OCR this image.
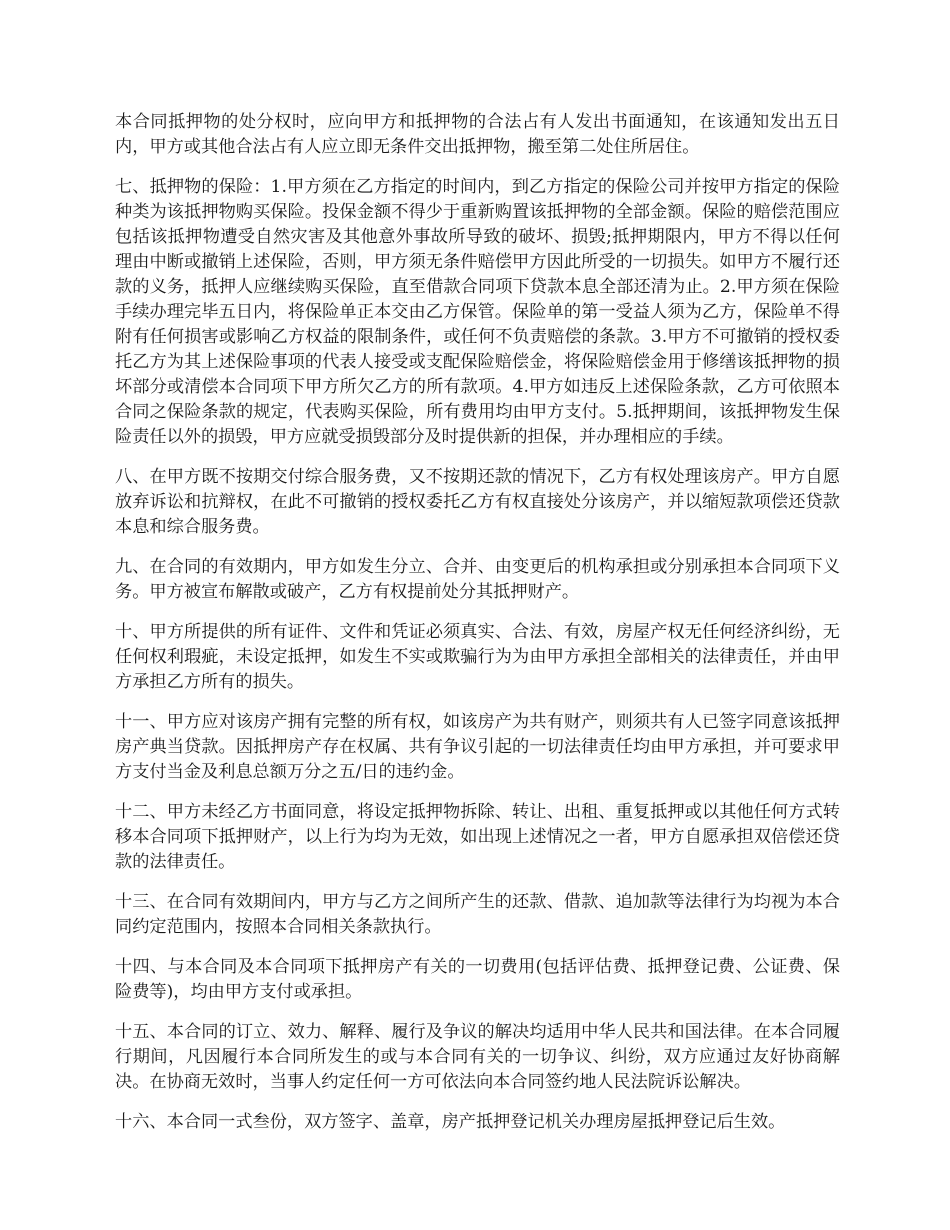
本合同抵押物的处分权时，应向甲方和抵押物的合法占有人发出书面通知，在该通知发出五日内，甲方或其他合法占有人应立即无条件交出抵押物，搬至第二处住所居住。

七、抵押物的保险：1.甲方须在乙方指定的时间内，到乙方指定的保险公司并按甲方指定的保险种类为该抵押物购买保险。投保金额不得少于重新购置该抵押物的全部金额。保险的赔偿范围应包括该抵押物遭受自然灾害及其他意外事故所导致的破坏、损毁;抵押期限内，甲方不得以任何理由中断或撤销上述保险，否则，甲方须无条件赔偿甲方因此所受的一切损失。如甲方不履行还款的义务，抵押人应继续购买保险，直至借款合同项下贷款本息全部还清为止。2.甲方须在保险手续办理完毕五日内，将保险单正本交由乙方保管。保险单的第一受益人须为乙方，保险单不得附有任何损害或影响乙方权益的限制条件，或任何不负责赔偿的条款。3.甲方不可撤销的授权委托乙方为其上述保险事项的代表人接受或支配保险赔偿金，将保险赔偿金用于修缮该抵押物的损坏部分或清偿本合同项下甲方所欠乙方的所有款项。4.甲方如违反上述保险条款，乙方可依照本合同之保险条款的规定，代表购买保险，所有费用均由甲方支付。5.抵押期间，该抵押物发生保险责任以外的损毁，甲方应就受损毁部分及时提供新的担保，并办理相应的手续。

八、在甲方既不按期交付综合服务费，又不按期还款的情况下，乙方有权处理该房产。甲方自愿放弃诉讼和抗辩权，在此不可撤销的授权委托乙方有权直接处分该房产，并以缩短款项偿还贷款本息和综合服务费。

九、在合同的有效期内，甲方如发生分立、合并、由变更后的机构承担或分别承担本合同项下义务。甲方被宣布解散或破产，乙方有权提前处分其抵押财产。

十、甲方所提供的所有证件、文件和凭证必须真实、合法、有效，房屋产权无任何经济纠纷，无任何权利瑕疵，未设定抵押，如发生不实或欺骗行为为由甲方承担全部相关的法律责任，并由甲方承担乙方所有的损失。

十一、甲方应对该房产拥有完整的所有权，如该房产为共有财产，则须共有人已签字同意该抵押房产典当贷款。因抵押房产存在权属、共有争议引起的一切法律责任均由甲方承担，并可要求甲方支付当金及利息总额万分之五/日的违约金。

十二、甲方未经乙方书面同意，将设定抵押物拆除、转让、出租、重复抵押或以其他任何方式转移本合同项下抵押财产，以上行为均为无效，如出现上述情况之一者，甲方自愿承担双倍偿还贷款的法律责任。

十三、在合同有效期间内，甲方与乙方之间所产生的还款、借款、追加款等法律行为均视为本合同约定范围内，按照本合同相关条款执行。

十四、与本合同及本合同项下抵押房产有关的一切费用(包括评估费、抵押登记费、公证费、保险费等)，均由甲方支付或承担。

十五、本合同的订立、效力、解释、履行及争议的解决均适用中华人民共和国法律。在本合同履行期间，凡因履行本合同所发生的或与本合同有关的一切争议、纠纷，双方应通过友好协商解决。在协商无效时，当事人约定任何一方可依法向本合同签约地人民法院诉讼解决。

十六、本合同一式叁份，双方签字、盖章，房产抵押登记机关办理房屋抵押登记后生效。
